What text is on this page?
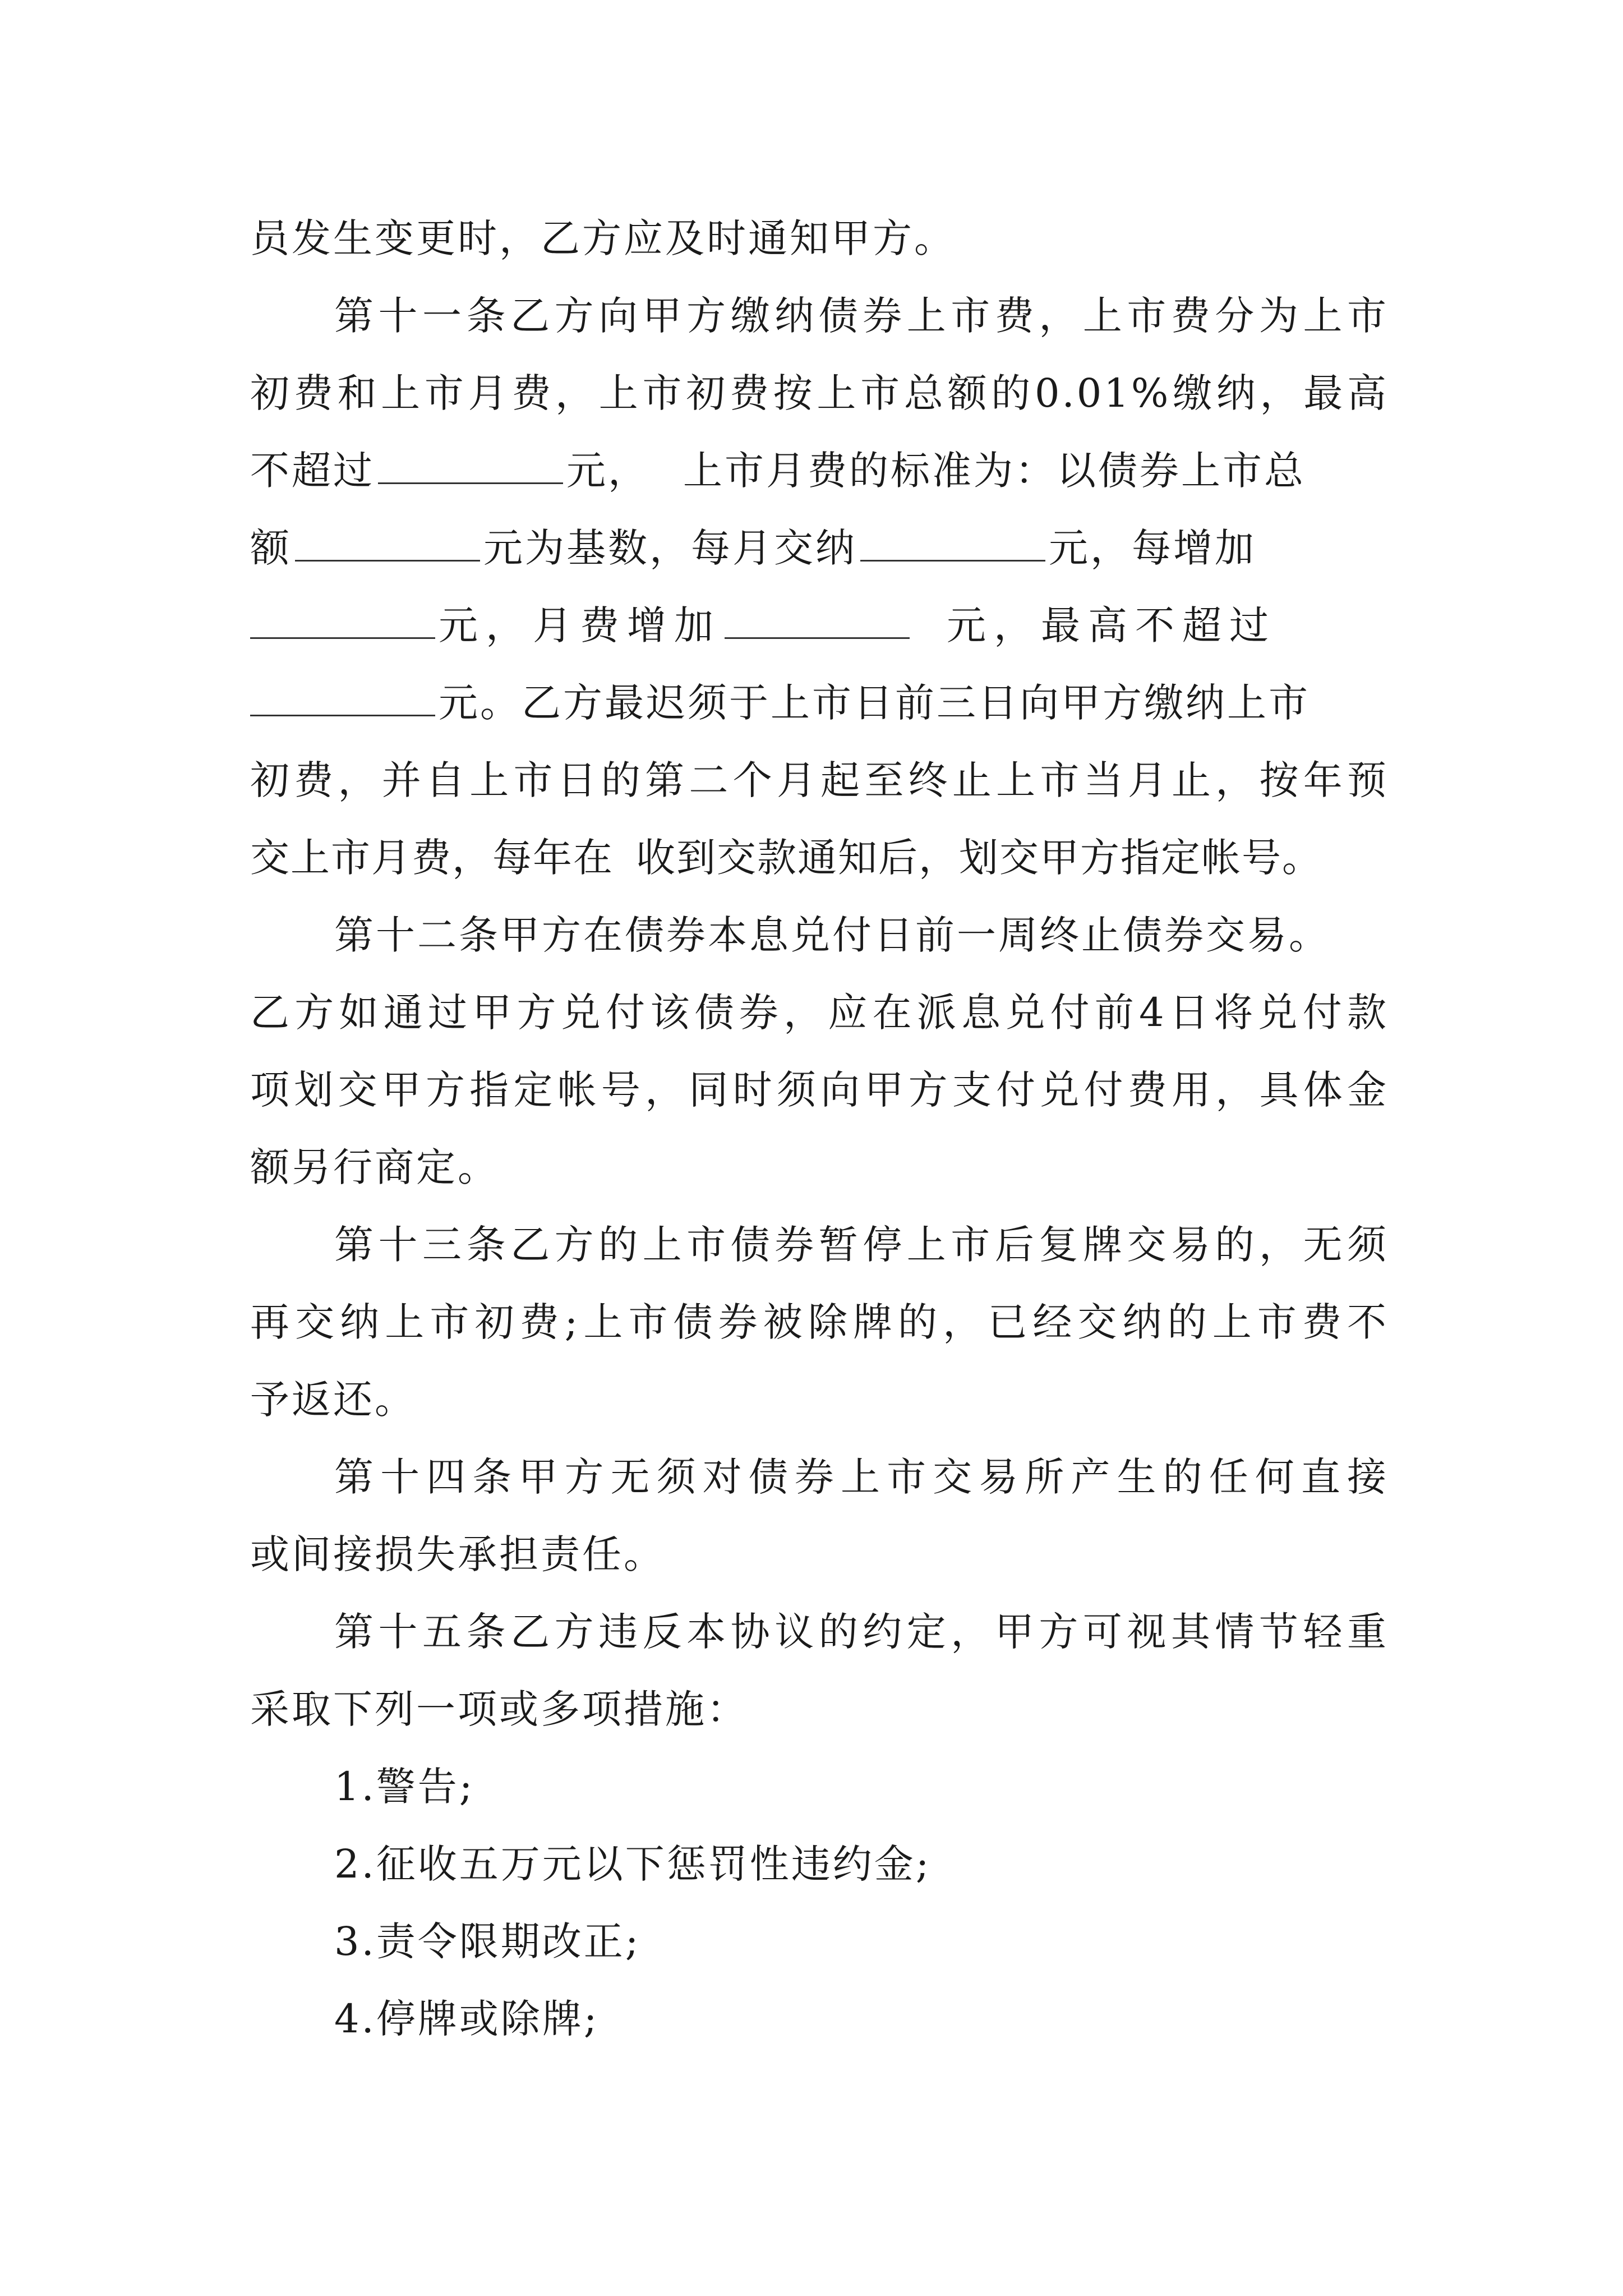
员发生变更时，乙方应及时通知甲方。
第十一条乙方向甲方缴纳债券上市费，上市费分为上市
初费和上市月费，上市初费按上市总额的0.01%缴纳，最高
不超过	元， 上市月费的标准为：以债券上市总
额	元为基数，每月交纳	元，每增加
元，月费增加	元，最高不超过
元。乙方最迟须于上市日前三日向甲方缴纳上市
初费，并自上市日的第二个月起至终止上市当月止，按年预
交上市月费，每年在 收到交款通知后，划交甲方指定帐号。
第十二条甲方在债券本息兑付日前一周终止债券交易。
乙方如通过甲方兑付该债券，应在派息兑付前4日将兑付款
项划交甲方指定帐号，同时须向甲方支付兑付费用，具体金
额另行商定。
第十三条乙方的上市债券暂停上市后复牌交易的，无须
再交纳上市初费;上市债券被除牌的，已经交纳的上市费不
予返还。
第十四条甲方无须对债券上市交易所产生的任何直接
或间接损失承担责任。
第十五条乙方违反本协议的约定，甲方可视其情节轻重
采取下列一项或多项措施：
1.警告;
2.征收五万元以下惩罚性违约金;
3.责令限期改正;
4.停牌或除牌;
